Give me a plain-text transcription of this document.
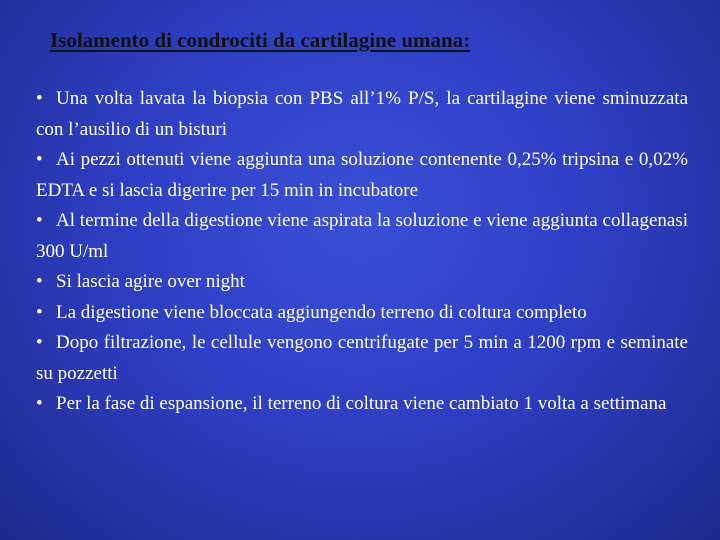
Isolamento di condrociti da cartilagine umana:
• Una volta lavata la biopsia con PBS all’1% P/S, la cartilagine viene sminuzzata con l’ausilio di un bisturi
• Ai pezzi ottenuti viene aggiunta una soluzione contenente 0,25% tripsina e 0,02% EDTA e si lascia digerire per 15 min in incubatore
• Al termine della digestione viene aspirata la soluzione e viene aggiunta collagenasi 300 U/ml
• Si lascia agire over night
• La digestione viene bloccata aggiungendo terreno di coltura completo
• Dopo filtrazione, le cellule vengono centrifugate per 5 min a 1200 rpm e seminate su pozzetti
• Per la fase di espansione, il terreno di coltura viene cambiato 1 volta a settimana
